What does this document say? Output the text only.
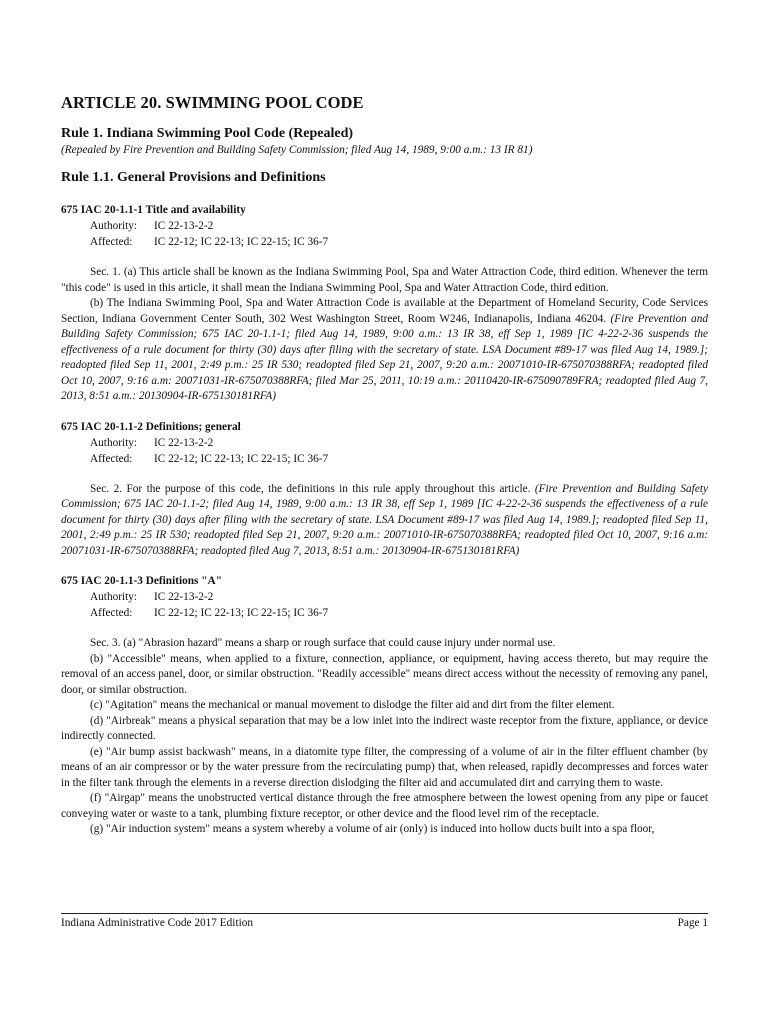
ARTICLE 20. SWIMMING POOL CODE
Rule 1. Indiana Swimming Pool Code (Repealed)

(Repealed by Fire Prevention and Building Safety Commission; filed Aug 14, 1989, 9:00 a.m.: 13 IR 81)

Rule 1.1. General Provisions and Definitions

675 IAC 20-1.1-1 Title and availability

Authority: IC 22-13-2-2
Affected: IC 22-12; IC 22-13; IC 22-15; IC 36-7

Sec. 1. (a) This article shall be known as the Indiana Swimming Pool, Spa and Water Attraction Code, third edition. Whenever the term "this code" is used in this article, it shall mean the Indiana Swimming Pool, Spa and Water Attraction Code, third edition.

(b) The Indiana Swimming Pool, Spa and Water Attraction Code is available at the Department of Homeland Security, Code Services Section, Indiana Government Center South, 302 West Washington Street, Room W246, Indianapolis, Indiana 46204. (Fire Prevention and Building Safety Commission; 675 IAC 20-1.1-1; filed Aug 14, 1989, 9:00 a.m.: 13 IR 38, eff Sep 1, 1989 [IC 4-22-2-36 suspends the effectiveness of a rule document for thirty (30) days after filing with the secretary of state. LSA Document #89-17 was filed Aug 14, 1989.]; readopted filed Sep 11, 2001, 2:49 p.m.: 25 IR 530; readopted filed Sep 21, 2007, 9:20 a.m.: 20071010-IR-675070388RFA; readopted filed Oct 10, 2007, 9:16 a.m: 20071031-IR-675070388RFA; filed Mar 25, 2011, 10:19 a.m.: 20110420-IR-675090789FRA; readopted filed Aug 7, 2013, 8:51 a.m.: 20130904-IR-675130181RFA)

675 IAC 20-1.1-2 Definitions; general

Authority: IC 22-13-2-2
Affected: IC 22-12; IC 22-13; IC 22-15; IC 36-7

Sec. 2. For the purpose of this code, the definitions in this rule apply throughout this article. (Fire Prevention and Building Safety Commission; 675 IAC 20-1.1-2; filed Aug 14, 1989, 9:00 a.m.: 13 IR 38, eff Sep 1, 1989 [IC 4-22-2-36 suspends the effectiveness of a rule document for thirty (30) days after filing with the secretary of state. LSA Document #89-17 was filed Aug 14, 1989.]; readopted filed Sep 11, 2001, 2:49 p.m.: 25 IR 530; readopted filed Sep 21, 2007, 9:20 a.m.: 20071010-IR-675070388RFA; readopted filed Oct 10, 2007, 9:16 a.m: 20071031-IR-675070388RFA; readopted filed Aug 7, 2013, 8:51 a.m.: 20130904-IR-675130181RFA)

675 IAC 20-1.1-3 Definitions "A"

Authority: IC 22-13-2-2
Affected: IC 22-12; IC 22-13; IC 22-15; IC 36-7

Sec. 3. (a) "Abrasion hazard" means a sharp or rough surface that could cause injury under normal use.

(b) "Accessible" means, when applied to a fixture, connection, appliance, or equipment, having access thereto, but may require the removal of an access panel, door, or similar obstruction. "Readily accessible" means direct access without the necessity of removing any panel, door, or similar obstruction.

(c) "Agitation" means the mechanical or manual movement to dislodge the filter aid and dirt from the filter element.

(d) "Airbreak" means a physical separation that may be a low inlet into the indirect waste receptor from the fixture, appliance, or device indirectly connected.

(e) "Air bump assist backwash" means, in a diatomite type filter, the compressing of a volume of air in the filter effluent chamber (by means of an air compressor or by the water pressure from the recirculating pump) that, when released, rapidly decompresses and forces water in the filter tank through the elements in a reverse direction dislodging the filter aid and accumulated dirt and carrying them to waste.

(f) "Airgap" means the unobstructed vertical distance through the free atmosphere between the lowest opening from any pipe or faucet conveying water or waste to a tank, plumbing fixture receptor, or other device and the flood level rim of the receptacle.

(g) "Air induction system" means a system whereby a volume of air (only) is induced into hollow ducts built into a spa floor,

Indiana Administrative Code 2017 Edition	Page 1
